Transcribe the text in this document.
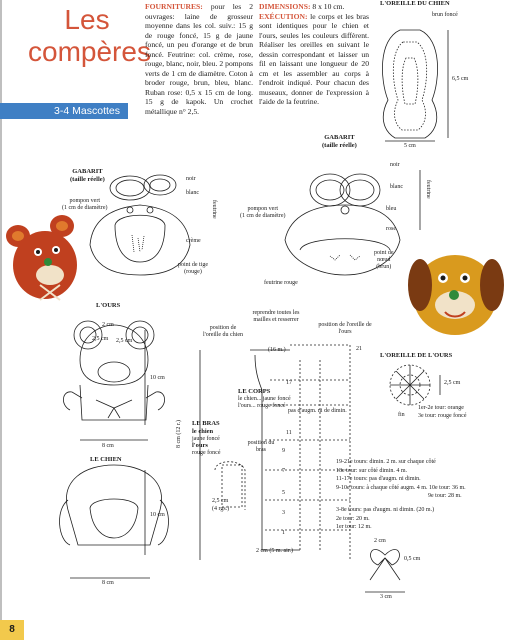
Les
compères
3-4 Mascottes
FOURNITURES: pour les 2 ouvrages: laine de grosseur moyenne dans les col. suiv.: 15 g de rouge foncé, 15 g de jaune foncé, un peu d'orange et de brun foncé. Feutrine: col. crème, rose, rouge, blanc, noir, bleu. 2 pompons verts de 1 cm de diamètre. Coton à broder rouge, brun, bleu, blanc. Ruban rose: 0,5 x 15 cm de long. 15 g de kapok. Un crochet métallique n° 2,5.
DIMENSIONS: 8 x 10 cm.
EXÉCUTION: le corps et les bras sont identiques pour le chien et l'ours, seules les couleurs diffèrent. Réaliser les oreilles en suivant le dessin correspondant et laisser un fil en laissant une longueur de 20 cm et les assembler au corps à l'endroit indiqué. Pour chacun des museaux, donner de l'expression à l'aide de la feutrine.
L'OREILLE DU CHIEN
brun foncé
6,5 cm
5 cm
GABARIT
(taille réelle)
pompon vert
(1 cm de diamètre)
noir
blanc
feutrine
crème
point de tige
(rouge)
GABARIT
(taille réelle)
pompon vert
(1 cm de diamètre)
noir
blanc
bleu
rose
feutrine
point de
nœud
(brun)
feutrine rouge
L'OURS
2 cm
2,5 cm 2,5 cm
10 cm
8 cm
LE CHIEN
10 cm
8 cm
position de l'oreille du chien
reprendre toutes les mailles et resserrer
position de l'oreille de l'ours
(16 m.)	21
17
11
9
7
5
3
1
LE CORPS
le chien... jaune foncé
l'ours... rouge foncé
pas d'augm. ni de dimin.
LE BRAS
le chien
jaune foncé
l'ours
rouge foncé
8 cm (12 r.)	position du bras
2,5 cm
(4 rgs.)
2 cm (5 m. air.)
19-21e tours: dimin. 2 m. sur chaque côté
18e tour: sur côté dimin. 4 m.
11-17e tours: pas d'augm. ni dimin.
9-10e tours: à chaque côté augm. 4 m. 10e tour: 36 m.
9e tour: 28 m.
3-8e tours: pas d'augm. ni dimin. (20 m.)
2e tour: 20 m.
1er tour: 12 m.
L'OREILLE DE L'OURS
2,5 cm
fin
1er-2e tour: orange
3e tour: rouge foncé
2 cm
0,5 cm
3 cm
8
